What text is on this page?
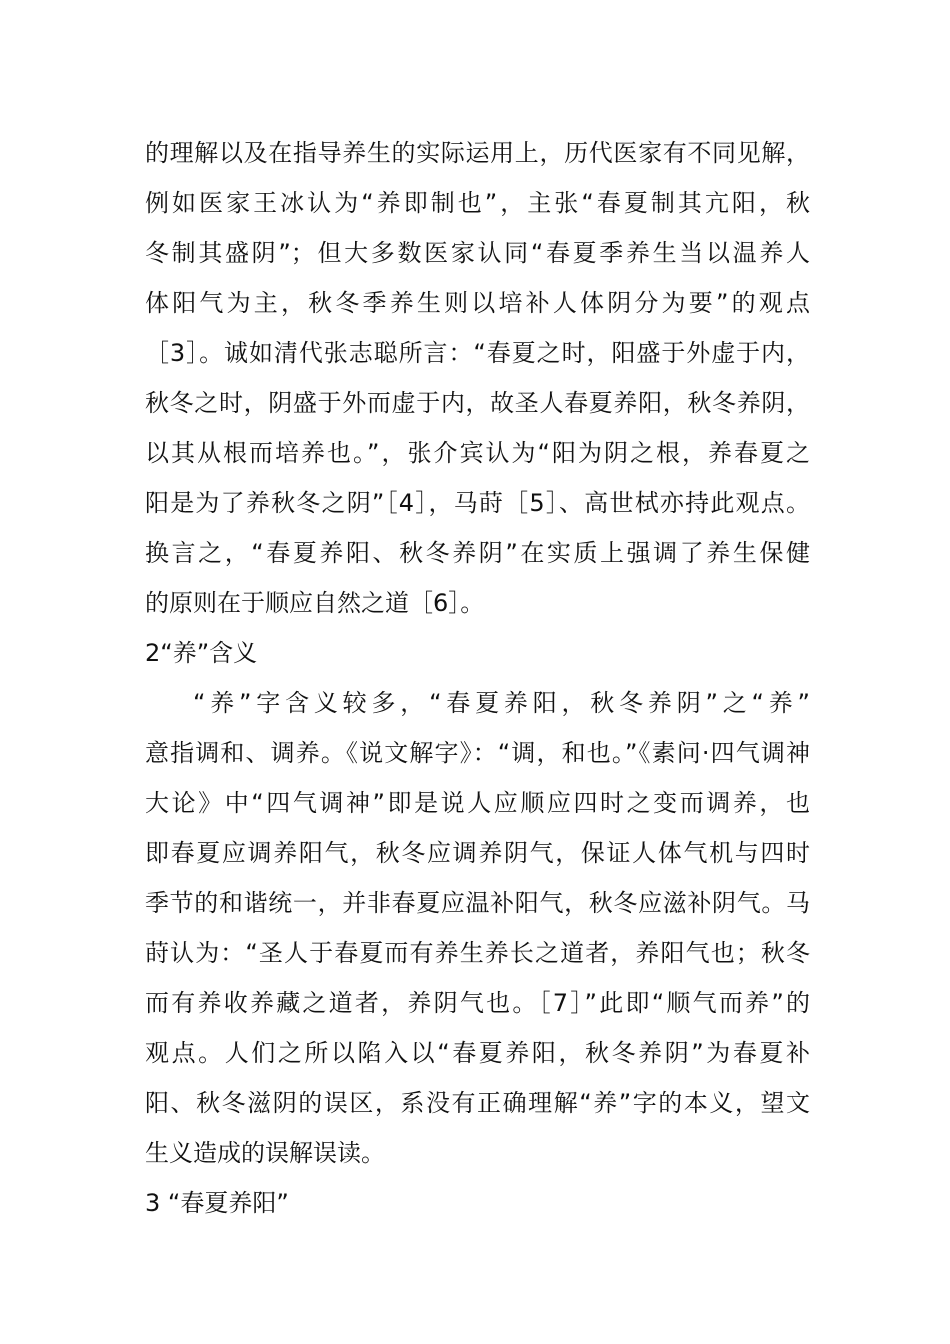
的理解以及在指导养生的实际运用上，历代医家有不同见解，
例如医家王冰认为“养即制也”，主张“春夏制其亢阳，秋
冬制其盛阴”；但大多数医家认同“春夏季养生当以温养人
体阳气为主，秋冬季养生则以培补人体阴分为要”的观点
［3］。诚如清代张志聪所言：“春夏之时，阳盛于外虚于内，
秋冬之时，阴盛于外而虚于内，故圣人春夏养阳，秋冬养阴，
以其从根而培养也。”，张介宾认为“阳为阴之根，养春夏之
阳是为了养秋冬之阴”［4］，马莳［5］、高世栻亦持此观点。
换言之，“春夏养阳、秋冬养阴”在实质上强调了养生保健
的原则在于顺应自然之道［6］。
2“养”含义
“养”字含义较多，“春夏养阳，秋冬养阴”之“养”
意指调和、调养。《说文解字》：“调，和也。”《素问·四气调神
大论》中“四气调神”即是说人应顺应四时之变而调养，也
即春夏应调养阳气，秋冬应调养阴气，保证人体气机与四时
季节的和谐统一，并非春夏应温补阳气，秋冬应滋补阴气。马
莳认为：“圣人于春夏而有养生养长之道者，养阳气也；秋冬
而有养收养藏之道者，养阴气也。［7］”此即“顺气而养”的
观点。人们之所以陷入以“春夏养阳，秋冬养阴”为春夏补
阳、秋冬滋阴的误区，系没有正确理解“养”字的本义，望文
生义造成的误解误读。
3 “春夏养阳”
